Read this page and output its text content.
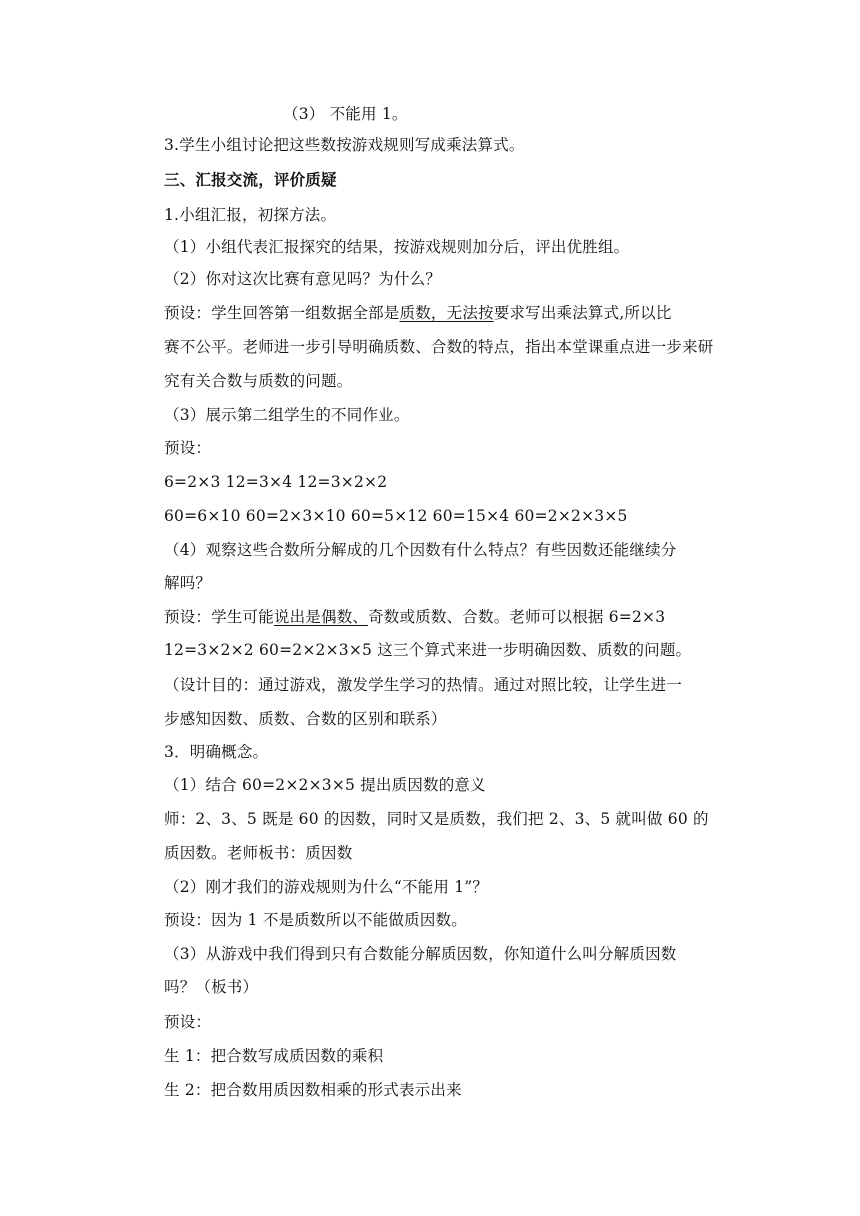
（3） 不能用 1。
3.学生小组讨论把这些数按游戏规则写成乘法算式。
三、汇报交流，评价质疑
1.小组汇报，初探方法。
（1）小组代表汇报探究的结果，按游戏规则加分后，评出优胜组。
（2）你对这次比赛有意见吗？为什么？
预设：学生回答第一组数据全部是质数，无法按要求写出乘法算式,所以比
赛不公平。老师进一步引导明确质数、合数的特点，指出本堂课重点进一步来研
究有关合数与质数的问题。
（3）展示第二组学生的不同作业。
预设：
6=2×3 12=3×4 12=3×2×2
60=6×10 60=2×3×10 60=5×12 60=15×4 60=2×2×3×5
（4）观察这些合数所分解成的几个因数有什么特点？有些因数还能继续分
解吗？
预设：学生可能说出是偶数、奇数或质数、合数。老师可以根据 6=2×3
12=3×2×2 60=2×2×3×5 这三个算式来进一步明确因数、质数的问题。
（设计目的：通过游戏，激发学生学习的热情。通过对照比较，让学生进一
步感知因数、质数、合数的区别和联系）
3．明确概念。
（1）结合 60=2×2×3×5 提出质因数的意义
师：2、3、5 既是 60 的因数，同时又是质数，我们把 2、3、5 就叫做 60 的
质因数。老师板书：质因数
（2）刚才我们的游戏规则为什么“不能用 1”？
预设：因为 1 不是质数所以不能做质因数。
（3）从游戏中我们得到只有合数能分解质因数，你知道什么叫分解质因数
吗？（板书）
预设：
生 1：把合数写成质因数的乘积
生 2：把合数用质因数相乘的形式表示出来
